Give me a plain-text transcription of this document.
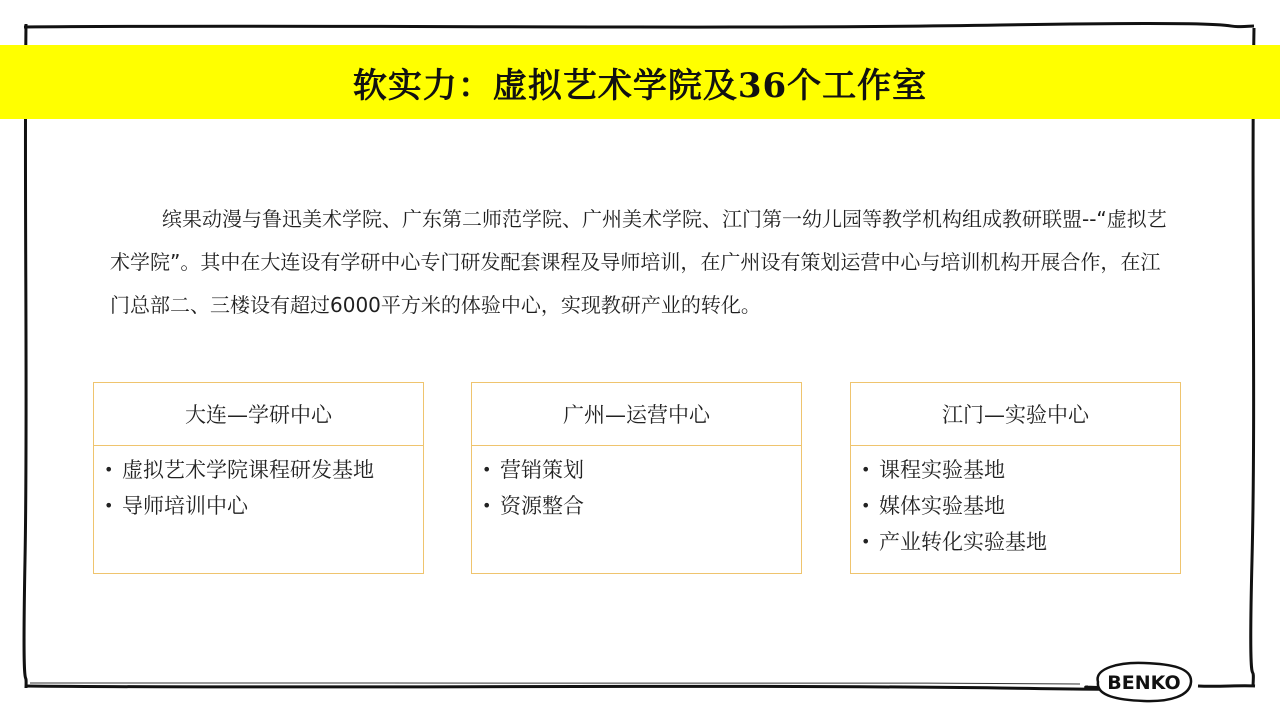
软实力：虚拟艺术学院及36个工作室

缤果动漫与鲁迅美术学院、广东第二师范学院、广州美术学院、江门第一幼儿园等教学机构组成教研联盟--“虚拟艺术学院”。其中在大连设有学研中心专门研发配套课程及导师培训，在广州设有策划运营中心与培训机构开展合作，在江门总部二、三楼设有超过6000平方米的体验中心，实现教研产业的转化。

大连—学研中心
• 虚拟艺术学院课程研发基地
• 导师培训中心
广州—运营中心
• 营销策划
• 资源整合
江门—实验中心
• 课程实验基地
• 媒体实验基地
• 产业转化实验基地
BENKO
